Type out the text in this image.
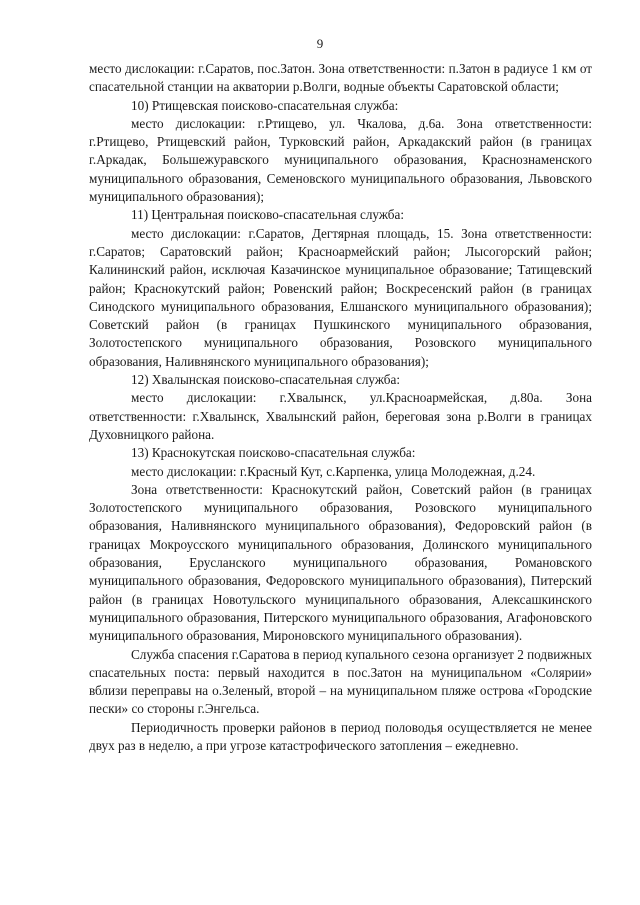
9

место дислокации: г.Саратов, пос.Затон. Зона ответственности: п.Затон в радиусе 1 км от спасательной станции на акватории р.Волги, водные объекты Саратовской области;

10) Ртищевская поисково-спасательная служба:

место дислокации: г.Ртищево, ул. Чкалова, д.6а. Зона ответственности: г.Ртищево, Ртищевский район, Турковский район, Аркадакский район (в границах г.Аркадак, Большежуравского муниципального образования, Краснознаменского муниципального образования, Семеновского муниципального образования, Львовского муниципального образования);

11) Центральная поисково-спасательная служба:

место дислокации: г.Саратов, Дегтярная площадь, 15. Зона ответственности: г.Саратов; Саратовский район; Красноармейский район; Лысогорский район; Калининский район, исключая Казачинское муниципальное образование; Татищевский район; Краснокутский район; Ровенский район; Воскресенский район (в границах Синодского муниципального образования, Елшанского муниципального образования); Советский район (в границах Пушкинского муниципального образования, Золотостепского муниципального образования, Розовского муниципального образования, Наливнянского муниципального образования);

12) Хвалынская поисково-спасательная служба:

место дислокации: г.Хвалынск, ул.Красноармейская, д.80а. Зона ответственности: г.Хвалынск, Хвалынский район, береговая зона р.Волги в границах Духовницкого района.

13) Краснокутская поисково-спасательная служба:

место дислокации: г.Красный Кут, с.Карпенка, улица Молодежная, д.24.

Зона ответственности: Краснокутский район, Советский район (в границах Золотостепского муниципального образования, Розовского муниципального образования, Наливнянского муниципального образования), Федоровский район (в границах Мокроусского муниципального образования, Долинского муниципального образования, Ерусланского муниципального образования, Романовского муниципального образования, Федоровского муниципального образования), Питерский район (в границах Новотульского муниципального образования, Алексашкинского муниципального образования, Питерского муниципального образования, Агафоновского муниципального образования, Мироновского муниципального образования).

Служба спасения г.Саратова в период купального сезона организует 2 подвижных спасательных поста: первый находится в пос.Затон на муниципальном «Солярии» вблизи переправы на о.Зеленый, второй – на муниципальном пляже острова «Городские пески» со стороны г.Энгельса.

Периодичность проверки районов в период половодья осуществляется не менее двух раз в неделю, а при угрозе катастрофического затопления – ежедневно.
